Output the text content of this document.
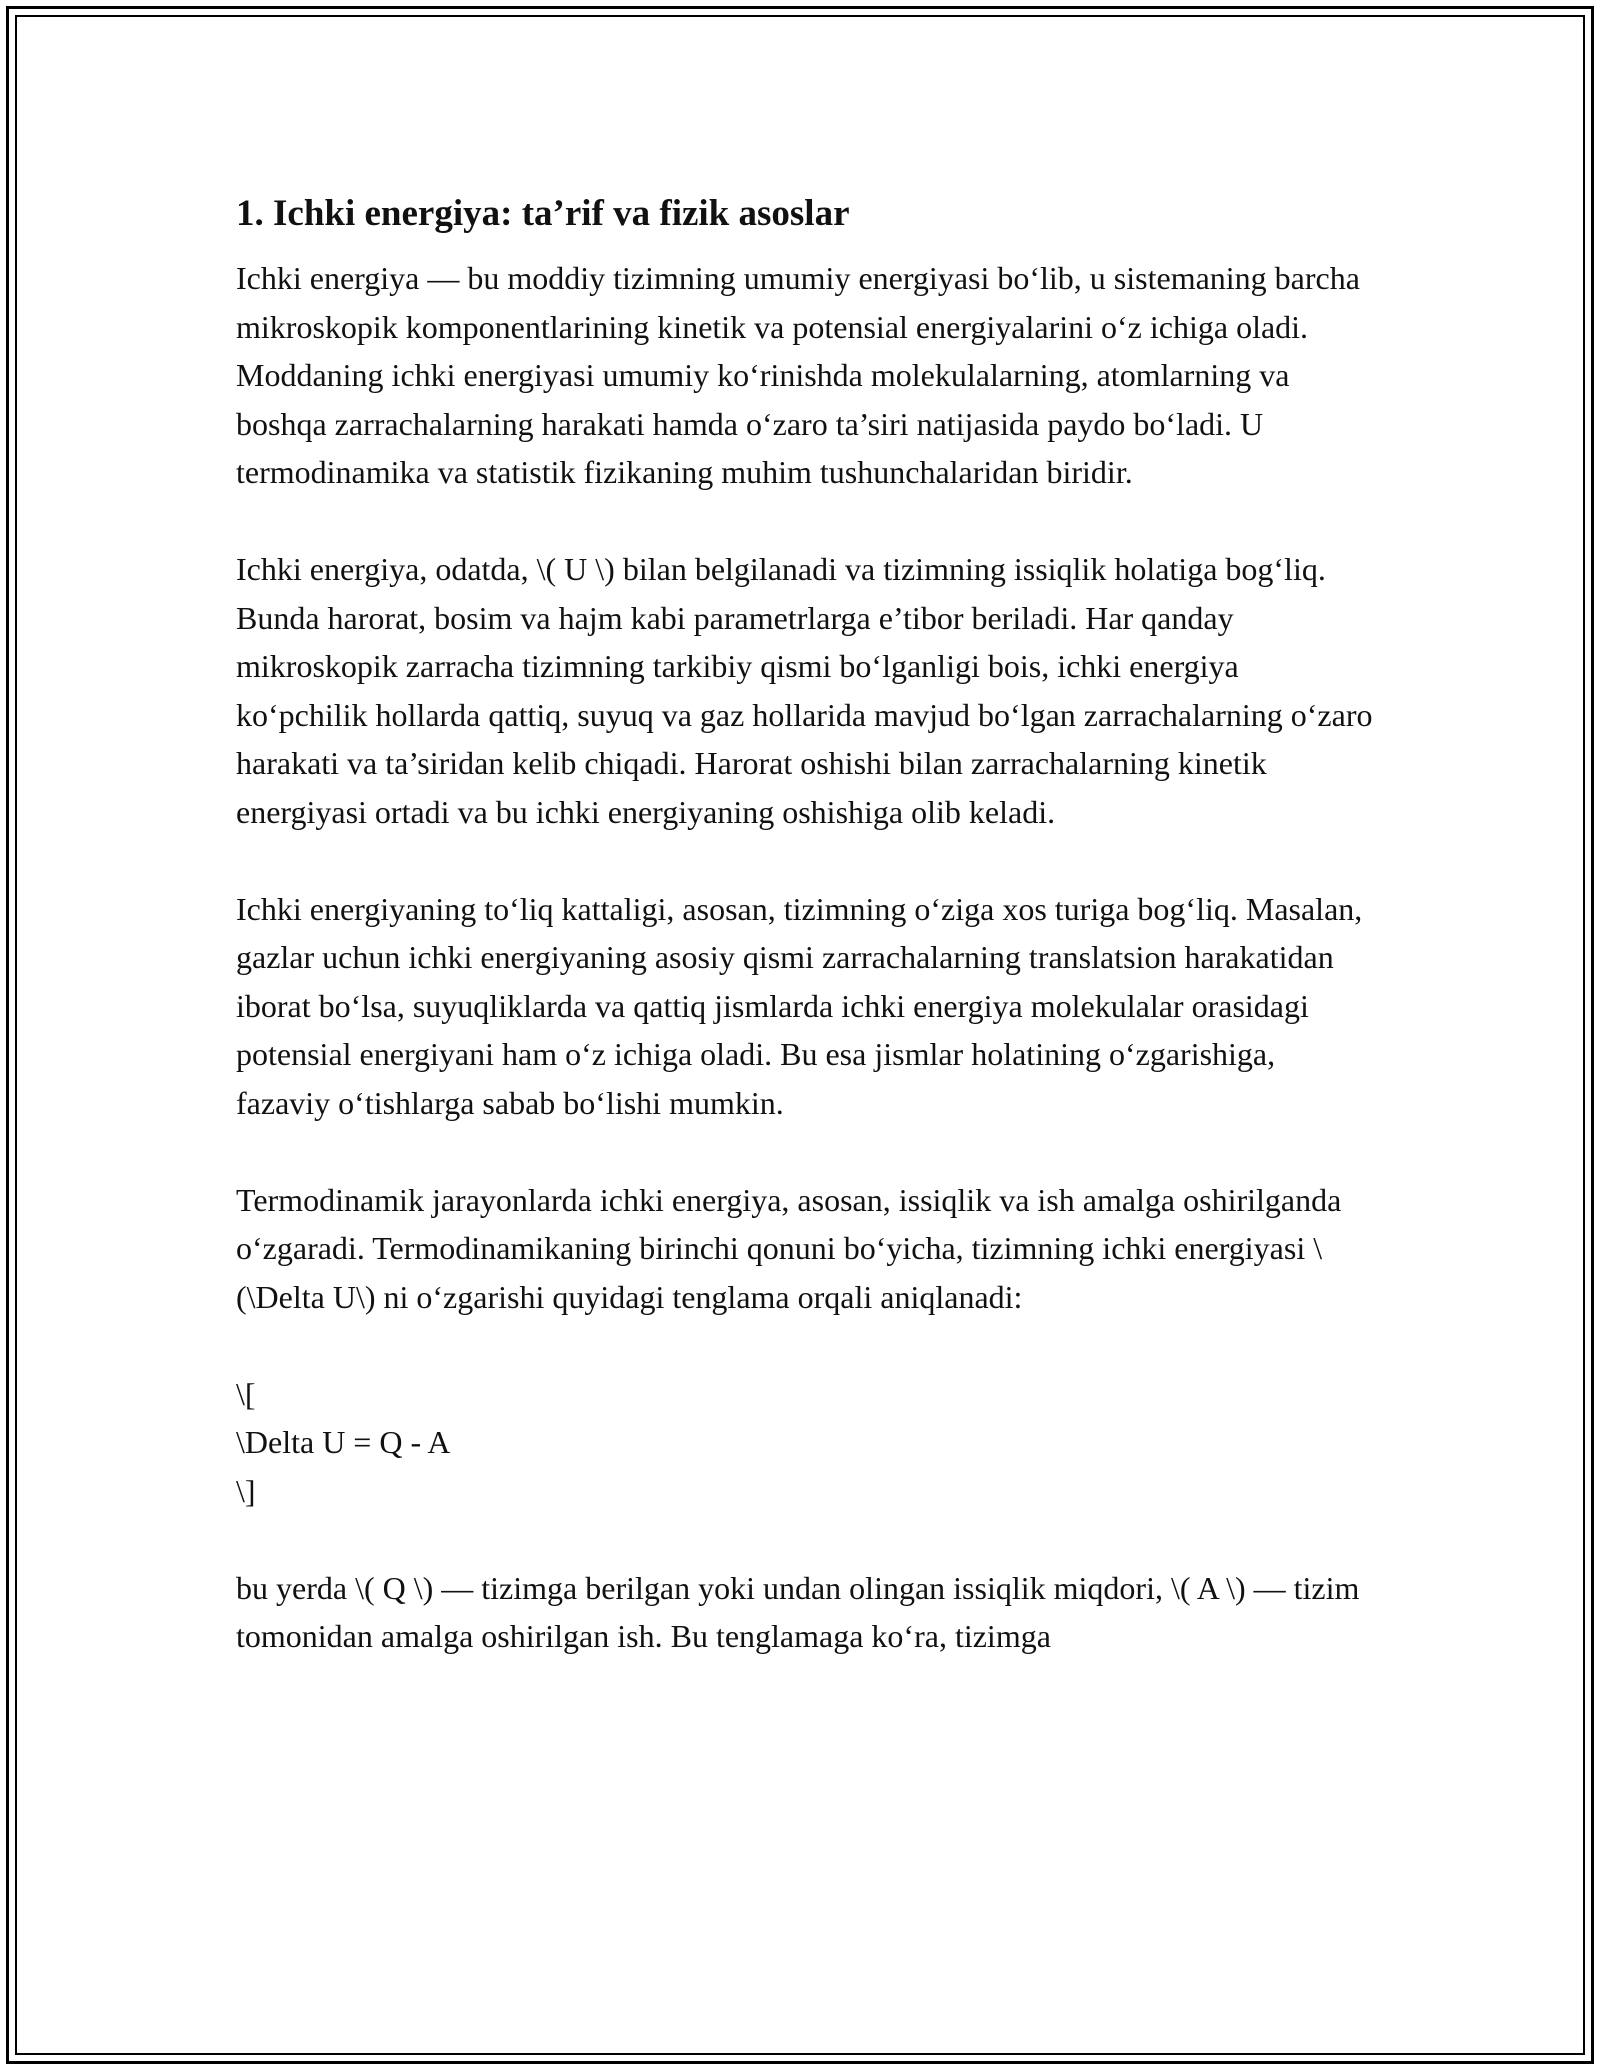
1. Ichki energiya: ta’rif va fizik asoslar

Ichki energiya — bu moddiy tizimning umumiy energiyasi bo‘lib, u sistemaning barcha mikroskopik komponentlarining kinetik va potensial energiyalarini o‘z ichiga oladi. Moddaning ichki energiyasi umumiy ko‘rinishda molekulalarning, atomlarning va boshqa zarrachalarning harakati hamda o‘zaro ta’siri natijasida paydo bo‘ladi. U termodinamika va statistik fizikaning muhim tushunchalaridan biridir.

Ichki energiya, odatda, \( U \) bilan belgilanadi va tizimning issiqlik holatiga bog‘liq. Bunda harorat, bosim va hajm kabi parametrlarga e’tibor beriladi. Har qanday mikroskopik zarracha tizimning tarkibiy qismi bo‘lganligi bois, ichki energiya ko‘pchilik hollarda qattiq, suyuq va gaz hollarida mavjud bo‘lgan zarrachalarning o‘zaro harakati va ta’siridan kelib chiqadi. Harorat oshishi bilan zarrachalarning kinetik energiyasi ortadi va bu ichki energiyaning oshishiga olib keladi.

Ichki energiyaning to‘liq kattaligi, asosan, tizimning o‘ziga xos turiga bog‘liq. Masalan, gazlar uchun ichki energiyaning asosiy qismi zarrachalarning translatsion harakatidan iborat bo‘lsa, suyuqliklarda va qattiq jismlarda ichki energiya molekulalar orasidagi potensial energiyani ham o‘z ichiga oladi. Bu esa jismlar holatining o‘zgarishiga, fazaviy o‘tishlarga sabab bo‘lishi mumkin.

Termodinamik jarayonlarda ichki energiya, asosan, issiqlik va ish amalga oshirilganda o‘zgaradi. Termodinamikaning birinchi qonuni bo‘yicha, tizimning ichki energiyasi \(\Delta U\) ni o‘zgarishi quyidagi tenglama orqali aniqlanadi:

\[
\Delta U = Q - A
\]

bu yerda \( Q \) — tizimga berilgan yoki undan olingan issiqlik miqdori, \( A \) — tizim tomonidan amalga oshirilgan ish. Bu tenglamaga ko‘ra, tizimga
